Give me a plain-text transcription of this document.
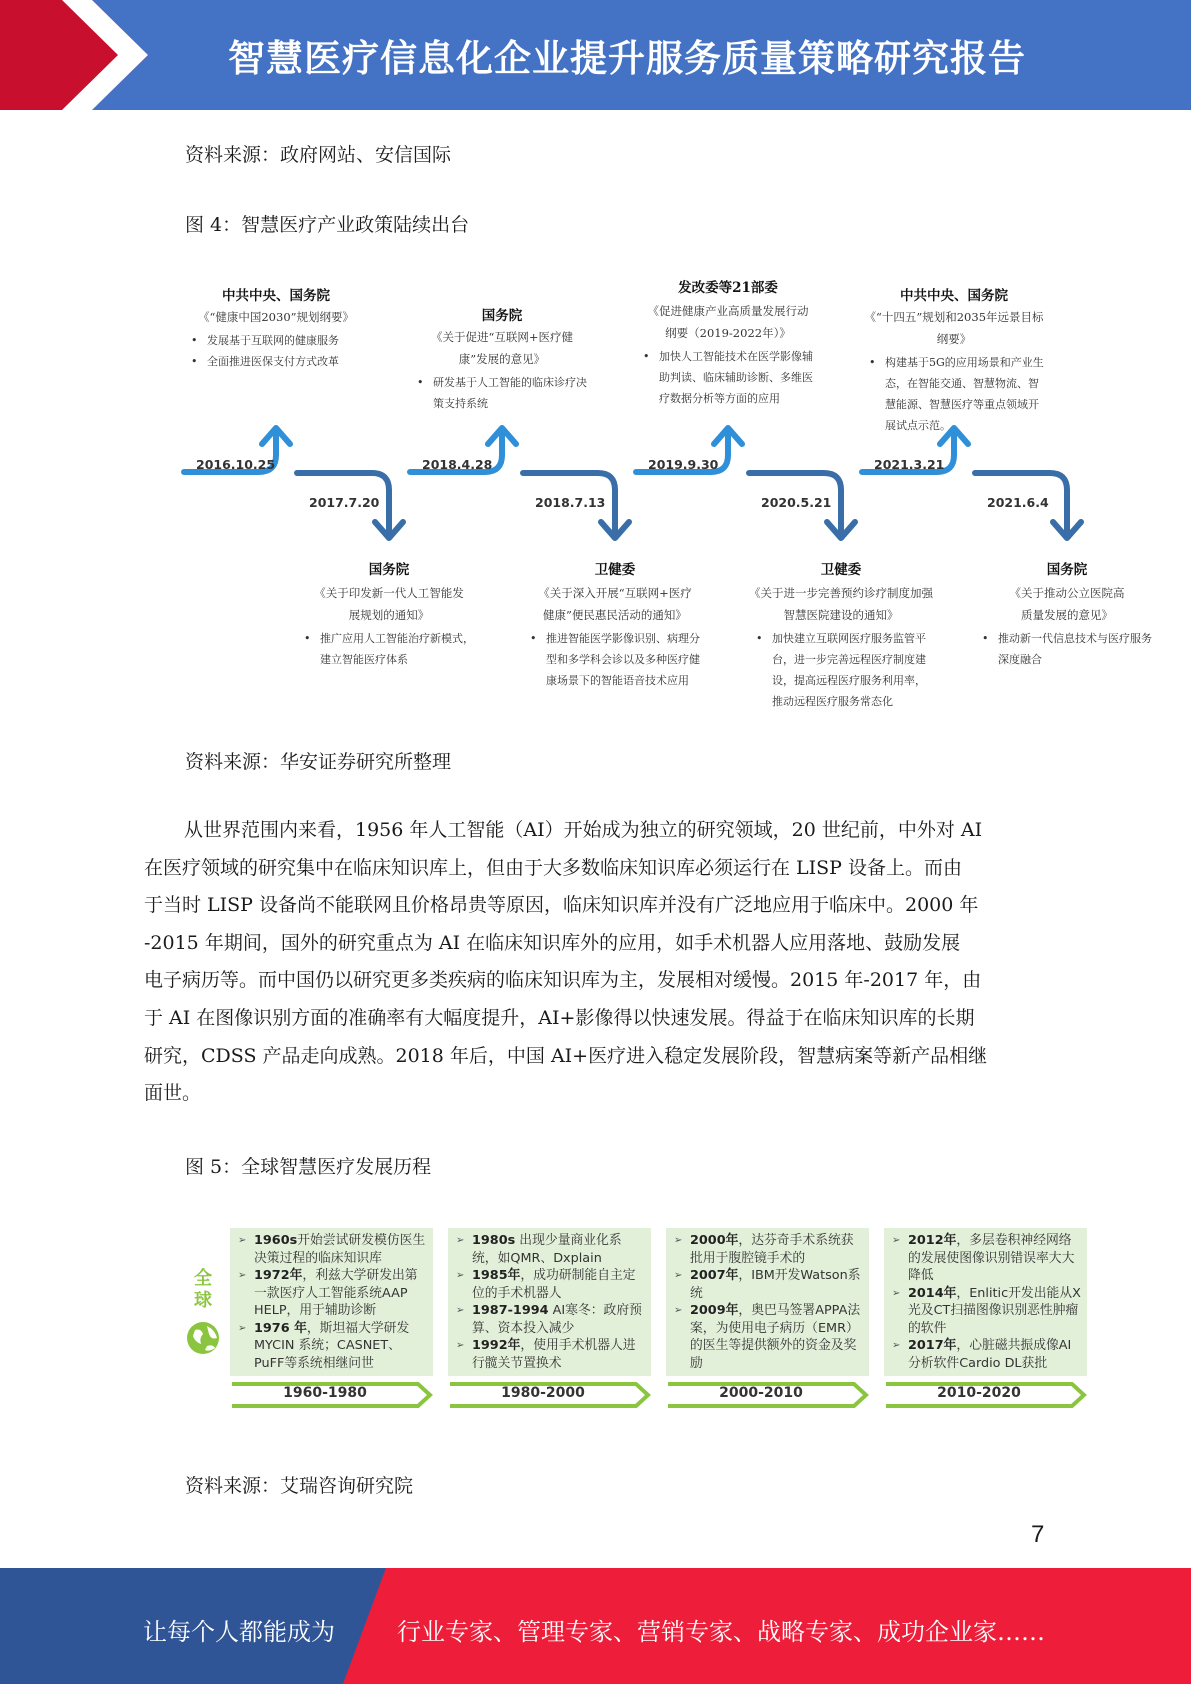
智慧医疗信息化企业提升服务质量策略研究报告
资料来源：政府网站、安信国际
图 4：智慧医疗产业政策陆续出台
2016.10.25
中共中央、国务院
《“健康中国2030”规划纲要》
• 发展基于互联网的健康服务
• 全面推进医保支付方式改革
2017.7.20
国务院
《关于印发新一代人工智能发
展规划的通知》
• 推广应用人工智能治疗新模式，建立智能医疗体系
2018.4.28
国务院
《关于促进“互联网+医疗健
康”发展的意见》
• 研发基于人工智能的临床诊疗决策支持系统
2018.7.13
卫健委
《关于深入开展“互联网+医疗
健康”便民惠民活动的通知》
• 推进智能医学影像识别、病理分型和多学科会诊以及多种医疗健康场景下的智能语音技术应用
2019.9.30
发改委等21部委
《促进健康产业高质量发展行动
纲要（2019-2022年）》
• 加快人工智能技术在医学影像辅助判读、临床辅助诊断、多维医疗数据分析等方面的应用
2020.5.21
卫健委
《关于进一步完善预约诊疗制度加强
智慧医院建设的通知》
• 加快建立互联网医疗服务监管平台，进一步完善远程医疗制度建设，提高远程医疗服务利用率，推动远程医疗服务常态化
2021.3.21
中共中央、国务院
《“十四五”规划和2035年远景目标
纲要》
• 构建基于5G的应用场景和产业生态，在智能交通、智慧物流、智慧能源、智慧医疗等重点领域开展试点示范。
2021.6.4
国务院
《关于推动公立医院高
质量发展的意见》
• 推动新一代信息技术与医疗服务深度融合
资料来源：华安证券研究所整理
从世界范围内来看，1956 年人工智能（AI）开始成为独立的研究领域，20 世纪前，中外对 AI
在医疗领域的研究集中在临床知识库上，但由于大多数临床知识库必须运行在 LISP 设备上。而由
于当时 LISP 设备尚不能联网且价格昂贵等原因，临床知识库并没有广泛地应用于临床中。2000 年
-2015 年期间，国外的研究重点为 AI 在临床知识库外的应用，如手术机器人应用落地、鼓励发展
电子病历等。而中国仍以研究更多类疾病的临床知识库为主，发展相对缓慢。2015 年-2017 年，由
于 AI 在图像识别方面的准确率有大幅度提升，AI+影像得以快速发展。得益于在临床知识库的长期
研究，CDSS 产品走向成熟。2018 年后，中国 AI+医疗进入稳定发展阶段，智慧病案等新产品相继
面世。
图 5：全球智慧医疗发展历程
全球
➢ 1960s开始尝试研发模仿医生决策过程的临床知识库
➢ 1972年，利兹大学研发出第一款医疗人工智能系统AAP HELP，用于辅助诊断
➢ 1976 年，斯坦福大学研发MYCIN 系统；CASNET、PuFF等系统相继问世
1960-1980
➢ 1980s 出现少量商业化系统，如QMR、Dxplain
➢ 1985年，成功研制能自主定位的手术机器人
➢ 1987-1994 AI寒冬：政府预算、资本投入减少
➢ 1992年，使用手术机器人进行髋关节置换术
1980-2000
➢ 2000年，达芬奇手术系统获批用于腹腔镜手术的
➢ 2007年，IBM开发Watson系统
➢ 2009年，奥巴马签署APPA法案，为使用电子病历（EMR）的医生等提供额外的资金及奖励
2000-2010
➢ 2012年，多层卷积神经网络的发展使图像识别错误率大大降低
➢ 2014年，Enlitic开发出能从X光及CT扫描图像识别恶性肿瘤的软件
➢ 2017年，心脏磁共振成像AI分析软件Cardio DL获批
2010-2020
资料来源：艾瑞咨询研究院
7
让每个人都能成为	行业专家、管理专家、营销专家、战略专家、成功企业家……
